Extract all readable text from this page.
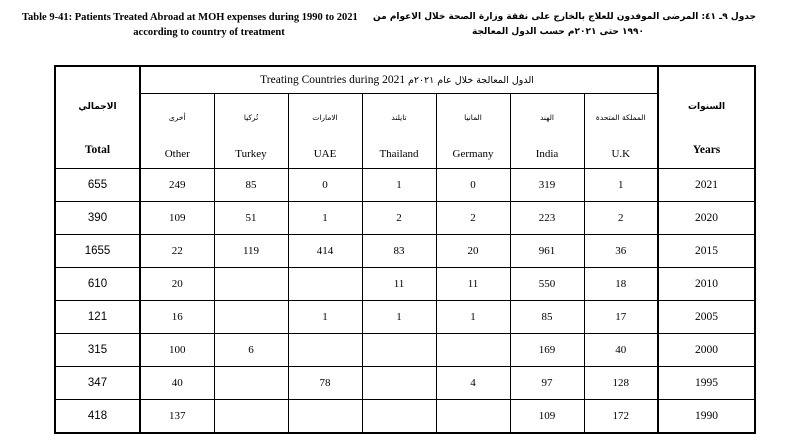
Table 9-41: Patients Treated Abroad at MOH expenses during 1990 to 2021
according to country of treatment
جدول ٩ـ ٤١: المرضى الموفدون للعلاج بالخارج على نفقة وزارة الصحة خلال الاعوام من
١٩٩٠ حتى ٢٠٢١م حسب الدول المعالجة
الاجمالي
Total	Treating Countries during 2021 الدول المعالجة خلال عام ٢٠٢١م							السنوات
Years

	أخرى
Other	تُركيا
Turkey	الامارات
UAE	تايلند
Thailand	المانيا
Germany	الهند
India	المملكة المتحدة
U.K	

655	249	85	0	1	0	319	1	2021
390	109	51	1	2	2	223	2	2020
1655	22	119	414	83	20	961	36	2015
610	20			11	11	550	18	2010
121	16		1	1	1	85	17	2005
315	100	6				169	40	2000
347	40		78		4	97	128	1995
418	137					109	172	1990
